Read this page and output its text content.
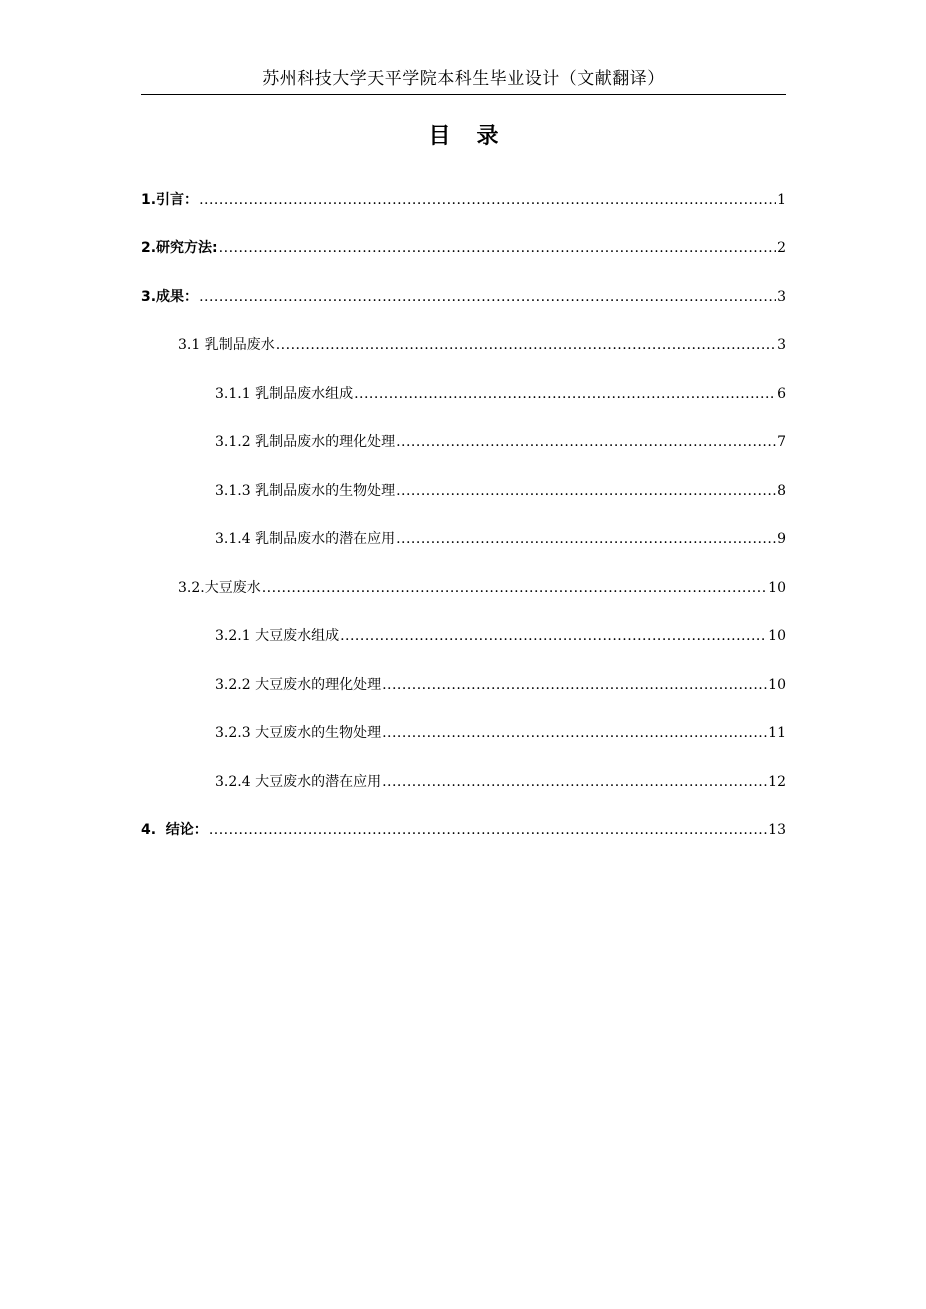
苏州科技大学天平学院本科生毕业设计（文献翻译）
目录
1.引言： .....	1
2.研究方法: .....	2
3.成果： .....	3
3.1 乳制品废水 .....	3
3.1.1 乳制品废水组成 .....	6
3.1.2 乳制品废水的理化处理 .....	7
3.1.3 乳制品废水的生物处理 .....	8
3.1.4 乳制品废水的潜在应用 .....	9
3.2.大豆废水 .....	10
3.2.1 大豆废水组成 .....	10
3.2.2 大豆废水的理化处理 .....	10
3.2.3 大豆废水的生物处理 .....	11
3.2.4 大豆废水的潜在应用 .....	12
4.  结论： .....	13
